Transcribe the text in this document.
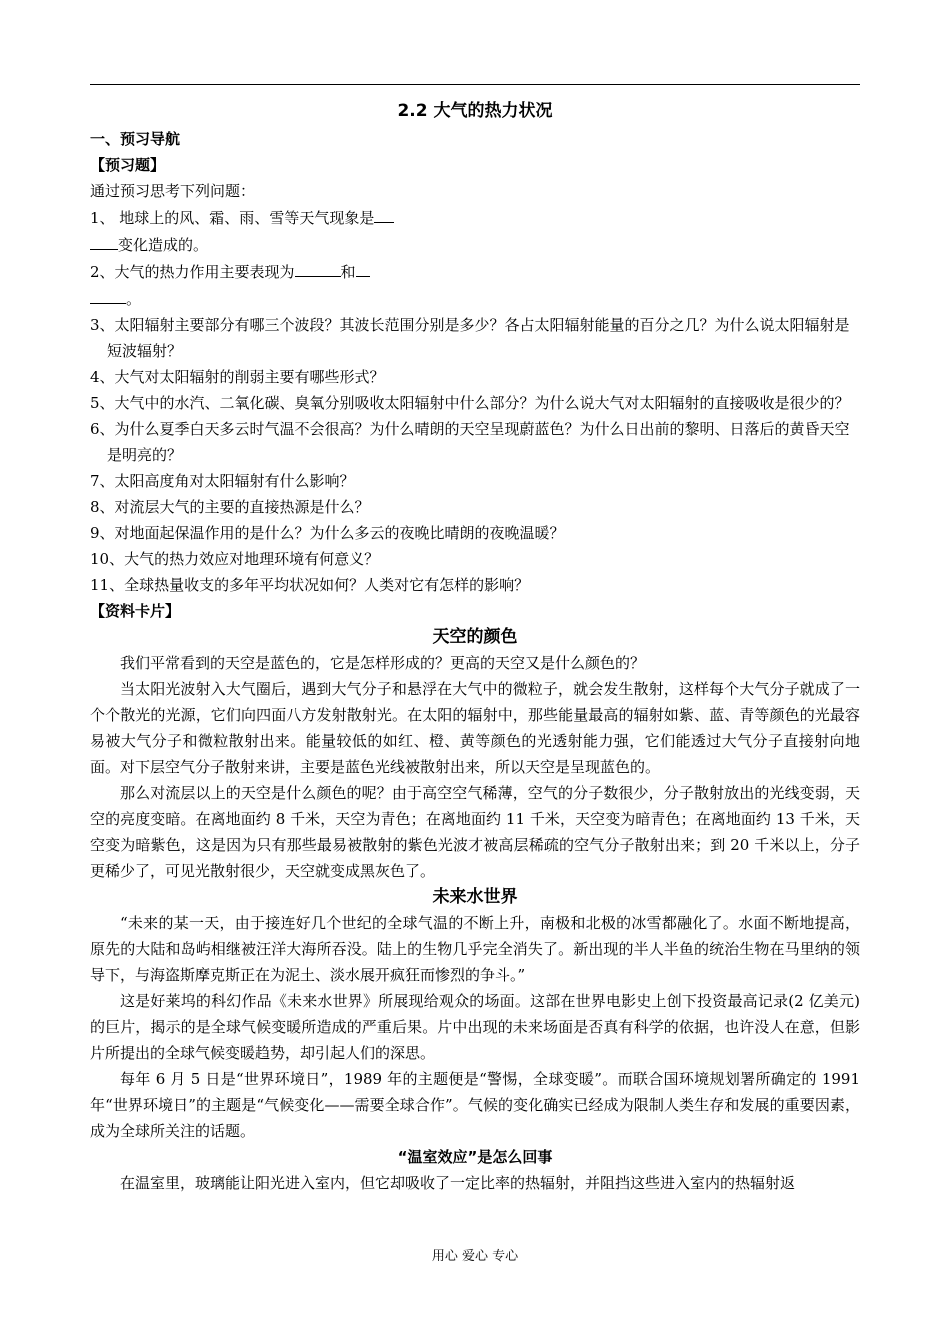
2.2 大气的热力状况

一、预习导航

【预习题】

通过预习思考下列问题：

1、 地球上的风、霜、雨、雪等天气现象是

变化造成的。

2、大气的热力作用主要表现为	和

。

3、太阳辐射主要部分有哪三个波段？其波长范围分别是多少？各占太阳辐射能量的百分之几？为什么说太阳辐射是短波辐射？

4、大气对太阳辐射的削弱主要有哪些形式？

5、大气中的水汽、二氧化碳、臭氧分别吸收太阳辐射中什么部分？为什么说大气对太阳辐射的直接吸收是很少的？

6、为什么夏季白天多云时气温不会很高？为什么晴朗的天空呈现蔚蓝色？为什么日出前的黎明、日落后的黄昏天空是明亮的？

7、太阳高度角对太阳辐射有什么影响？

8、对流层大气的主要的直接热源是什么？

9、对地面起保温作用的是什么？为什么多云的夜晚比晴朗的夜晚温暖？

10、大气的热力效应对地理环境有何意义？

11、全球热量收支的多年平均状况如何？人类对它有怎样的影响？

【资料卡片】

天空的颜色

我们平常看到的天空是蓝色的，它是怎样形成的？更高的天空又是什么颜色的？

当太阳光波射入大气圈后，遇到大气分子和悬浮在大气中的微粒子，就会发生散射，这样每个大气分子就成了一个个散光的光源，它们向四面八方发射散射光。在太阳的辐射中，那些能量最高的辐射如紫、蓝、青等颜色的光最容易被大气分子和微粒散射出来。能量较低的如红、橙、黄等颜色的光透射能力强，它们能透过大气分子直接射向地面。对下层空气分子散射来讲，主要是蓝色光线被散射出来，所以天空是呈现蓝色的。

那么对流层以上的天空是什么颜色的呢？由于高空空气稀薄，空气的分子数很少，分子散射放出的光线变弱，天空的亮度变暗。在离地面约 8 千米，天空为青色；在离地面约 11 千米，天空变为暗青色；在离地面约 13 千米，天空变为暗紫色，这是因为只有那些最易被散射的紫色光波才被高层稀疏的空气分子散射出来；到 20 千米以上，分子更稀少了，可见光散射很少，天空就变成黑灰色了。

未来水世界

“未来的某一天，由于接连好几个世纪的全球气温的不断上升，南极和北极的冰雪都融化了。水面不断地提高，原先的大陆和岛屿相继被汪洋大海所吞没。陆上的生物几乎完全消失了。新出现的半人半鱼的统治生物在马里纳的领导下，与海盗斯摩克斯正在为泥土、淡水展开疯狂而惨烈的争斗。”

这是好莱坞的科幻作品《未来水世界》所展现给观众的场面。这部在世界电影史上创下投资最高记录(2 亿美元)的巨片，揭示的是全球气候变暖所造成的严重后果。片中出现的未来场面是否真有科学的依据，也许没人在意，但影片所提出的全球气候变暖趋势，却引起人们的深思。

每年 6 月 5 日是“世界环境日”，1989 年的主题便是“警惕，全球变暖”。而联合国环境规划署所确定的 1991 年“世界环境日”的主题是“气候变化——需要全球合作”。气候的变化确实已经成为限制人类生存和发展的重要因素，成为全球所关注的话题。

“温室效应”是怎么回事

在温室里，玻璃能让阳光进入室内，但它却吸收了一定比率的热辐射，并阻挡这些进入室内的热辐射返

用心 爱心 专心
